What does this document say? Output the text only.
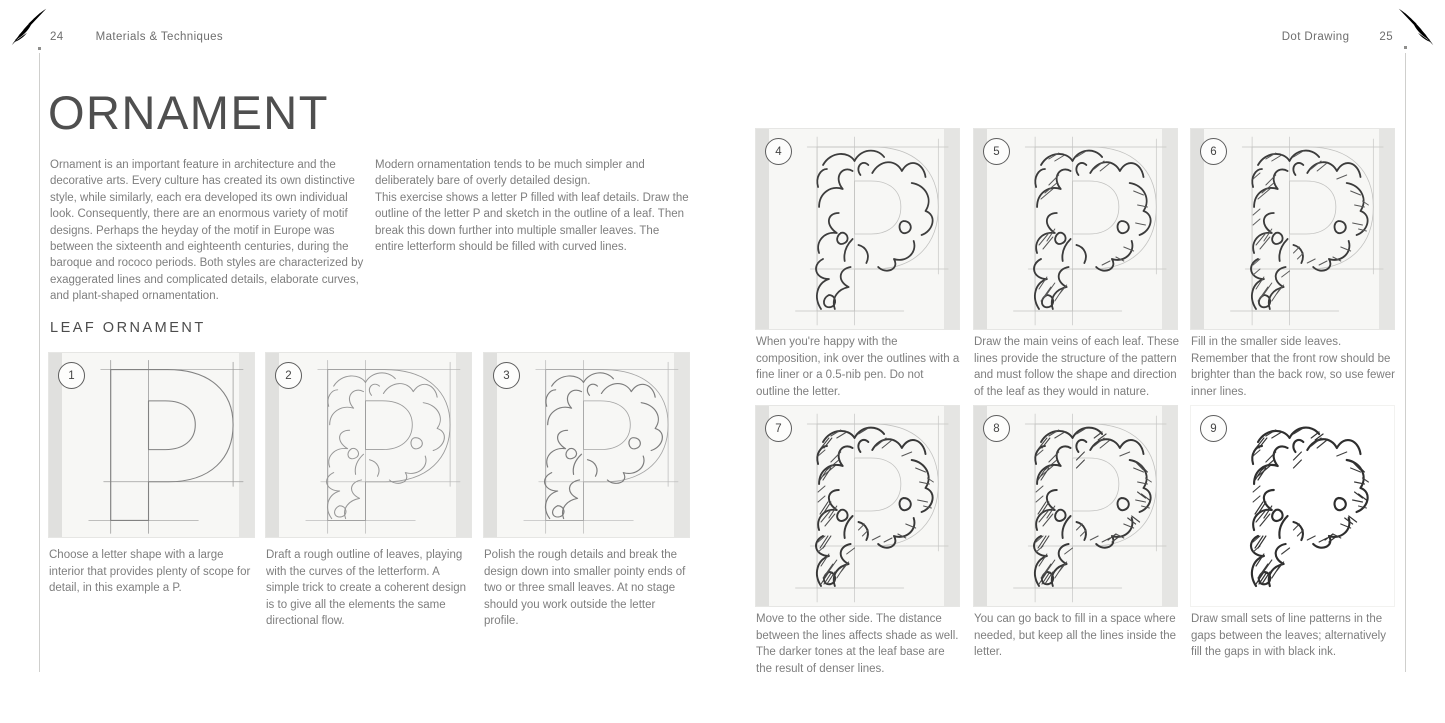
24	Materials & Techniques	Dot Drawing	25
ORNAMENT

Ornament is an important feature in architecture and the decorative arts. Every culture has created its own distinctive style, while similarly, each era developed its own individual look. Consequently, there are an enormous variety of motif designs. Perhaps the heyday of the motif in Europe was between the sixteenth and eighteenth centuries, during the baroque and rococo periods. Both styles are characterized by exaggerated lines and complicated details, elaborate curves, and plant-shaped ornamentation.

Modern ornamentation tends to be much simpler and deliberately bare of overly detailed design.

This exercise shows a letter P filled with leaf details. Draw the outline of the letter P and sketch in the outline of a leaf. Then break this down further into multiple smaller leaves. The entire letterform should be filled with curved lines.

LEAF ORNAMENT
1	2	3

Choose a letter shape with a large interior that provides plenty of scope for detail, in this example a P.

Draft a rough outline of leaves, playing with the curves of the letterform. A simple trick to create a coherent design is to give all the elements the same directional flow.

Polish the rough details and break the design down into smaller pointy ends of two or three small leaves. At no stage should you work outside the letter profile.

4	5	6

When you're happy with the composition, ink over the outlines with a fine liner or a 0.5-nib pen. Do not outline the letter.

Draw the main veins of each leaf. These lines provide the structure of the pattern and must follow the shape and direction of the leaf as they would in nature.

Fill in the smaller side leaves. Remember that the front row should be brighter than the back row, so use fewer inner lines.

7	8	9

Move to the other side. The distance between the lines affects shade as well. The darker tones at the leaf base are the result of denser lines.

You can go back to fill in a space where needed, but keep all the lines inside the letter.

Draw small sets of line patterns in the gaps between the leaves; alternatively fill the gaps in with black ink.
